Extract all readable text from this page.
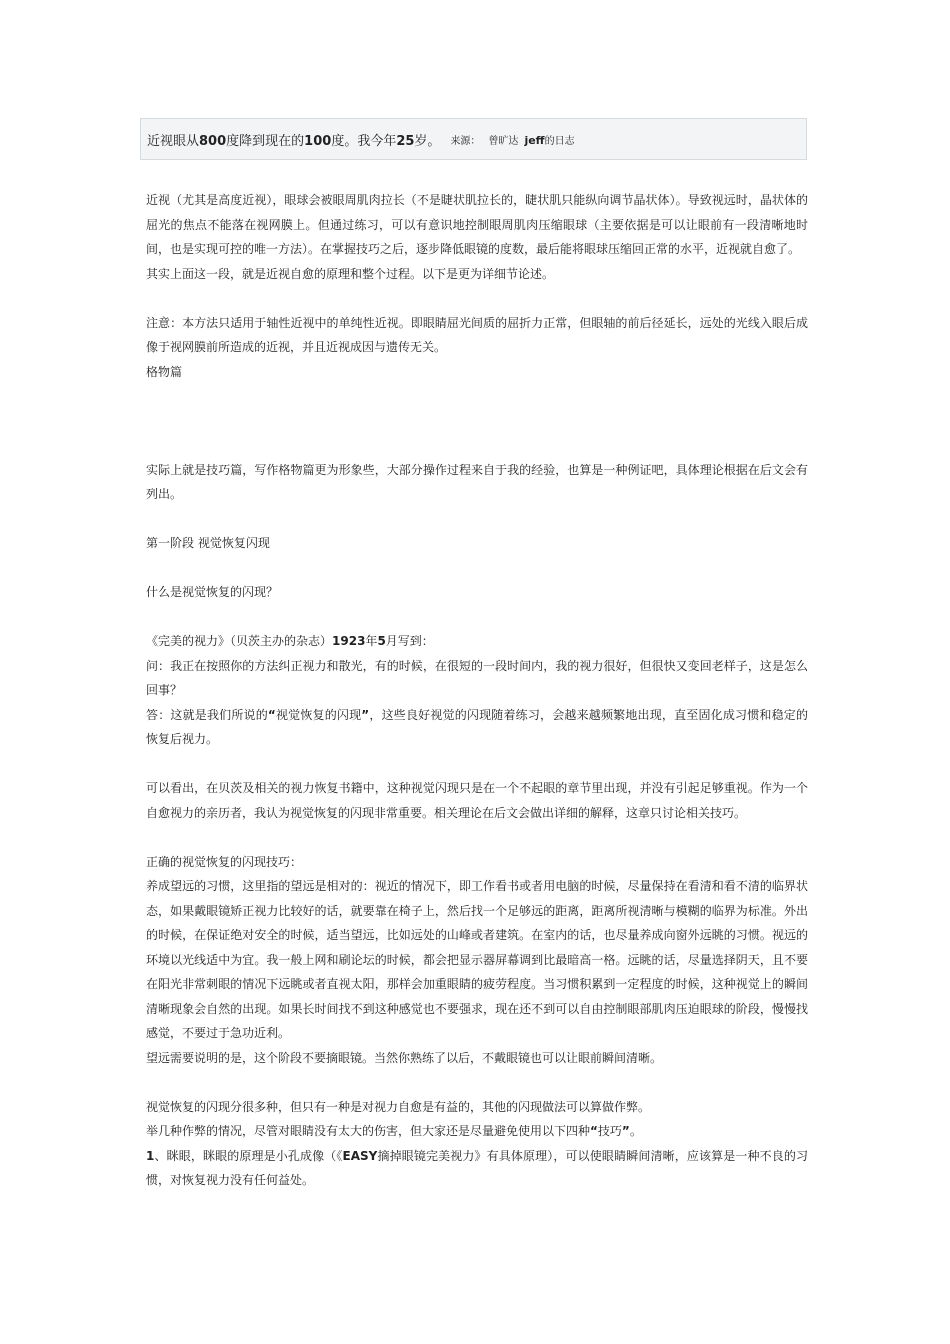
近视眼从800度降到现在的100度。我今年25岁。 来源： 曾旷达 jeff的日志

近视（尤其是高度近视），眼球会被眼周肌肉拉长（不是睫状肌拉长的，睫状肌只能纵向调节晶状体）。导致视远时，晶状体的屈光的焦点不能落在视网膜上。但通过练习，可以有意识地控制眼周肌肉压缩眼球（主要依据是可以让眼前有一段清晰地时间，也是实现可控的唯一方法）。在掌握技巧之后，逐步降低眼镜的度数，最后能将眼球压缩回正常的水平，近视就自愈了。

其实上面这一段，就是近视自愈的原理和整个过程。以下是更为详细节论述。

注意：本方法只适用于轴性近视中的单纯性近视。即眼睛屈光间质的屈折力正常，但眼轴的前后径延长，远处的光线入眼后成像于视网膜前所造成的近视，并且近视成因与遗传无关。

格物篇

实际上就是技巧篇，写作格物篇更为形象些，大部分操作过程来自于我的经验，也算是一种例证吧，具体理论根据在后文会有列出。

第一阶段 视觉恢复闪现

什么是视觉恢复的闪现？

《完美的视力》（贝茨主办的杂志）1923年5月写到：

问：我正在按照你的方法纠正视力和散光，有的时候，在很短的一段时间内，我的视力很好，但很快又变回老样子，这是怎么回事？

答：这就是我们所说的“视觉恢复的闪现”，这些良好视觉的闪现随着练习，会越来越频繁地出现，直至固化成习惯和稳定的恢复后视力。

可以看出，在贝茨及相关的视力恢复书籍中，这种视觉闪现只是在一个不起眼的章节里出现，并没有引起足够重视。作为一个自愈视力的亲历者，我认为视觉恢复的闪现非常重要。相关理论在后文会做出详细的解释，这章只讨论相关技巧。

正确的视觉恢复的闪现技巧：

养成望远的习惯，这里指的望远是相对的：视近的情况下，即工作看书或者用电脑的时候，尽量保持在看清和看不清的临界状态，如果戴眼镜矫正视力比较好的话，就要靠在椅子上，然后找一个足够远的距离，距离所视清晰与模糊的临界为标准。外出的时候，在保证绝对安全的时候，适当望远，比如远处的山峰或者建筑。在室内的话，也尽量养成向窗外远眺的习惯。视远的环境以光线适中为宜。我一般上网和刷论坛的时候，都会把显示器屏幕调到比最暗高一格。远眺的话，尽量选择阴天，且不要在阳光非常刺眼的情况下远眺或者直视太阳，那样会加重眼睛的疲劳程度。当习惯积累到一定程度的时候，这种视觉上的瞬间清晰现象会自然的出现。如果长时间找不到这种感觉也不要强求，现在还不到可以自由控制眼部肌肉压迫眼球的阶段，慢慢找感觉，不要过于急功近利。

望远需要说明的是，这个阶段不要摘眼镜。当然你熟练了以后，不戴眼镜也可以让眼前瞬间清晰。

视觉恢复的闪现分很多种，但只有一种是对视力自愈是有益的，其他的闪现做法可以算做作弊。

举几种作弊的情况，尽管对眼睛没有太大的伤害，但大家还是尽量避免使用以下四种“技巧”。

1、眯眼，眯眼的原理是小孔成像（《EASY摘掉眼镜完美视力》有具体原理），可以使眼睛瞬间清晰，应该算是一种不良的习惯，对恢复视力没有任何益处。
